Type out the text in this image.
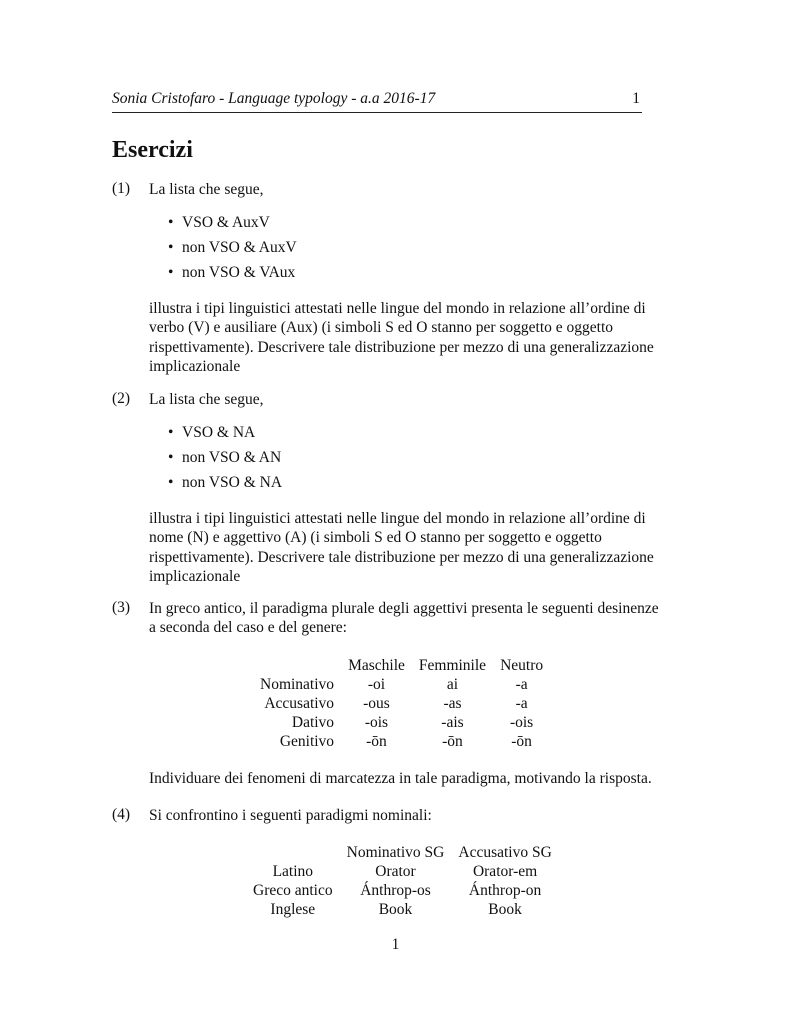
Sonia Cristofaro - Language typology - a.a 2016-17	1
Esercizi
(1) La lista che segue,

• VSO & AuxV
• non VSO & AuxV
• non VSO & VAux

illustra i tipi linguistici attestati nelle lingue del mondo in relazione all’ordine di verbo (V) e ausiliare (Aux) (i simboli S ed O stanno per soggetto e oggetto rispettivamente). Descrivere tale distribuzione per mezzo di una generalizzazione implicazionale

(2) La lista che segue,

• VSO & NA
• non VSO & AN
• non VSO & NA

illustra i tipi linguistici attestati nelle lingue del mondo in relazione all’ordine di nome (N) e aggettivo (A) (i simboli S ed O stanno per soggetto e oggetto rispettivamente). Descrivere tale distribuzione per mezzo di una generalizzazione implicazionale

(3) In greco antico, il paradigma plurale degli aggettivi presenta le seguenti desinenze a seconda del caso e del genere:

	Maschile	Femminile	Neutro
Nominativo	-oi	ai	-a
Accusativo	-ous	-as	-a
Dativo	-ois	-ais	-ois
Genitivo	-ōn	-ōn	-ōn

Individuare dei fenomeni di marcatezza in tale paradigma, motivando la risposta.

(4) Si confrontino i seguenti paradigmi nominali:

	Nominativo SG	Accusativo SG
Latino	Orator	Orator-em
Greco antico	Ánthrop-os	Ánthrop-on
Inglese	Book	Book
1
